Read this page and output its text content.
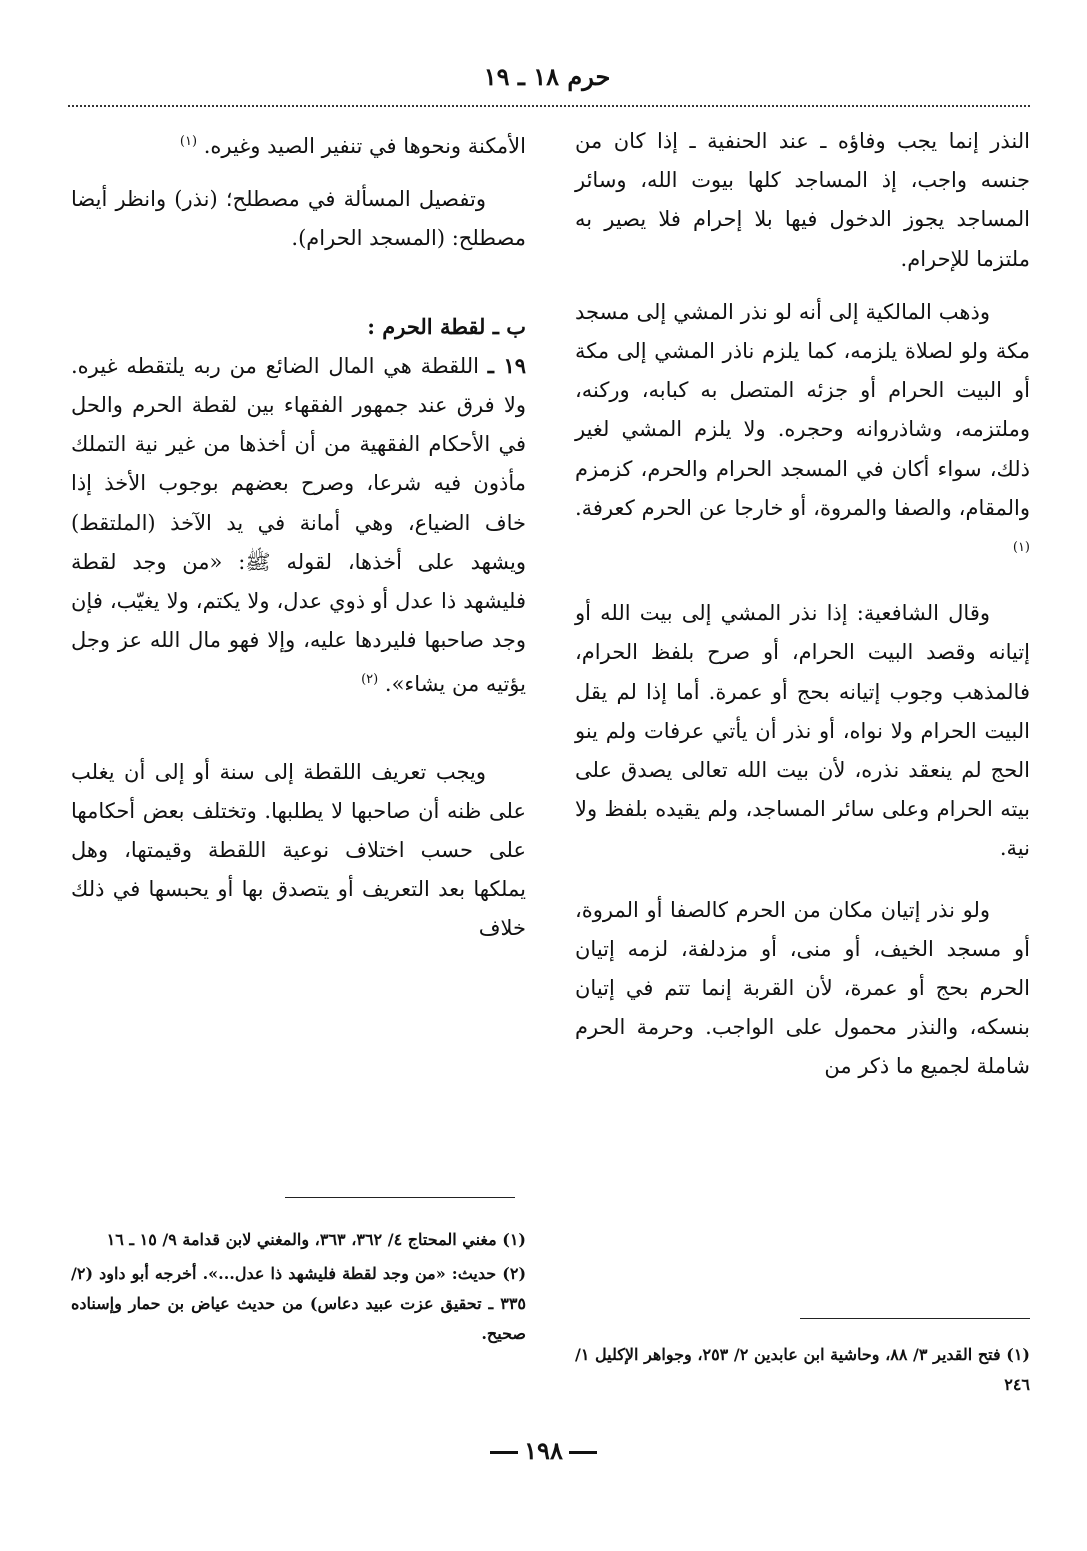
حرم ١٨ ـ ١٩

النذر إنما يجب وفاؤه ـ عند الحنفية ـ إذا كان من جنسه واجب، إذ المساجد كلها بيوت الله، وسائر المساجد يجوز الدخول فيها بلا إحرام فلا يصير به ملتزما للإحرام.

وذهب المالكية إلى أنه لو نذر المشي إلى مسجد مكة ولو لصلاة يلزمه، كما يلزم ناذر المشي إلى مكة أو البيت الحرام أو جزئه المتصل به كبابه، وركنه، وملتزمه، وشاذروانه وحجره. ولا يلزم المشي لغير ذلك، سواء أكان في المسجد الحرام والحرم، كزمزم والمقام، والصفا والمروة، أو خارجا عن الحرم كعرفة. $^{(١)}$

وقال الشافعية: إذا نذر المشي إلى بيت الله أو إتيانه وقصد البيت الحرام، أو صرح بلفظ الحرام، فالمذهب وجوب إتيانه بحج أو عمرة. أما إذا لم يقل البيت الحرام ولا نواه، أو نذر أن يأتي عرفات ولم ينو الحج لم ينعقد نذره، لأن بيت الله تعالى يصدق على بيته الحرام وعلى سائر المساجد، ولم يقيده بلفظ ولا نية.

ولو نذر إتيان مكان من الحرم كالصفا أو المروة، أو مسجد الخيف، أو منى، أو مزدلفة، لزمه إتيان الحرم بحج أو عمرة، لأن القربة إنما تتم في إتيان بنسكه، والنذر محمول على الواجب. وحرمة الحرم شاملة لجميع ما ذكر من

(١) فتح القدير ٣/ ٨٨، وحاشية ابن عابدين ٢/ ٢٥٣، وجواهر الإكليل ١/ ٢٤٦

الأمكنة ونحوها في تنفير الصيد وغيره. $^{(١)}$

وتفصيل المسألة في مصطلح؛ (نذر) وانظر أيضا مصطلح: (المسجد الحرام).

ب ـ لقطة الحرم :

١٩ ـ اللقطة هي المال الضائع من ربه يلتقطه غيره. ولا فرق عند جمهور الفقهاء بين لقطة الحرم والحل في الأحكام الفقهية من أن أخذها من غير نية التملك مأذون فيه شرعا، وصرح بعضهم بوجوب الأخذ إذا خاف الضياع، وهي أمانة في يد الآخذ (الملتقط) ويشهد على أخذها، لقوله ﷺ: «من وجد لقطة فليشهد ذا عدل أو ذوي عدل، ولا يكتم، ولا يغيّب، فإن وجد صاحبها فليردها عليه، وإلا فهو مال الله عز وجل يؤتيه من يشاء». $^{(٢)}$

ويجب تعريف اللقطة إلى سنة أو إلى أن يغلب على ظنه أن صاحبها لا يطلبها. وتختلف بعض أحكامها على حسب اختلاف نوعية اللقطة وقيمتها، وهل يملكها بعد التعريف أو يتصدق بها أو يحبسها في ذلك خلاف

(١) مغني المحتاج ٤/ ٣٦٢، ٣٦٣، والمغني لابن قدامة ٩/ ١٥ ـ ١٦

(٢) حديث: «من وجد لقطة فليشهد ذا عدل...». أخرجه أبو داود (٢/ ٣٣٥ ـ تحقيق عزت عبيد دعاس) من حديث عياض بن حمار وإسناده صحيح.

١٩٨
